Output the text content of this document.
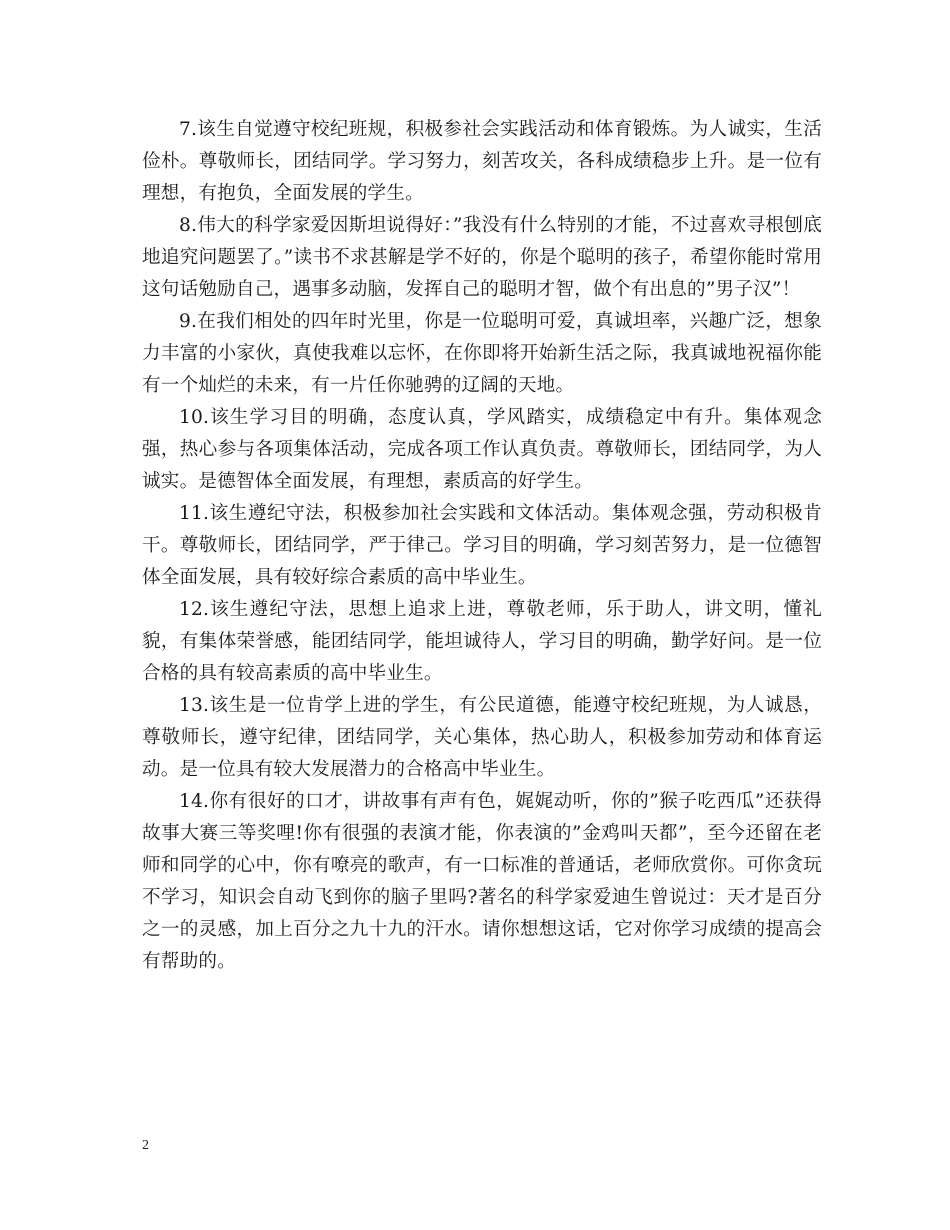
7.该生自觉遵守校纪班规，积极参社会实践活动和体育锻炼。为人诚实，生活俭朴。尊敬师长，团结同学。学习努力，刻苦攻关，各科成绩稳步上升。是一位有理想，有抱负，全面发展的学生。

8.伟大的科学家爱因斯坦说得好：”我没有什么特别的才能，不过喜欢寻根刨底地追究问题罢了。”读书不求甚解是学不好的，你是个聪明的孩子，希望你能时常用这句话勉励自己，遇事多动脑，发挥自己的聪明才智，做个有出息的”男子汉”！

9.在我们相处的四年时光里，你是一位聪明可爱，真诚坦率，兴趣广泛，想象力丰富的小家伙，真使我难以忘怀，在你即将开始新生活之际，我真诚地祝福你能有一个灿烂的未来，有一片任你驰骋的辽阔的天地。

10.该生学习目的明确，态度认真，学风踏实，成绩稳定中有升。集体观念强，热心参与各项集体活动，完成各项工作认真负责。尊敬师长，团结同学，为人诚实。是德智体全面发展，有理想，素质高的好学生。

11.该生遵纪守法，积极参加社会实践和文体活动。集体观念强，劳动积极肯干。尊敬师长，团结同学，严于律己。学习目的明确，学习刻苦努力，是一位德智体全面发展，具有较好综合素质的高中毕业生。

12.该生遵纪守法，思想上追求上进，尊敬老师，乐于助人，讲文明，懂礼貌，有集体荣誉感，能团结同学，能坦诚待人，学习目的明确，勤学好问。是一位合格的具有较高素质的高中毕业生。

13.该生是一位肯学上进的学生，有公民道德，能遵守校纪班规，为人诚恳，尊敬师长，遵守纪律，团结同学，关心集体，热心助人，积极参加劳动和体育运动。是一位具有较大发展潜力的合格高中毕业生。

14.你有很好的口才，讲故事有声有色，娓娓动听，你的”猴子吃西瓜”还获得故事大赛三等奖哩!你有很强的表演才能，你表演的”金鸡叫天都”，至今还留在老师和同学的心中，你有嘹亮的歌声，有一口标准的普通话，老师欣赏你。可你贪玩不学习，知识会自动飞到你的脑子里吗?著名的科学家爱迪生曾说过：天才是百分之一的灵感，加上百分之九十九的汗水。请你想想这话，它对你学习成绩的提高会有帮助的。

2
